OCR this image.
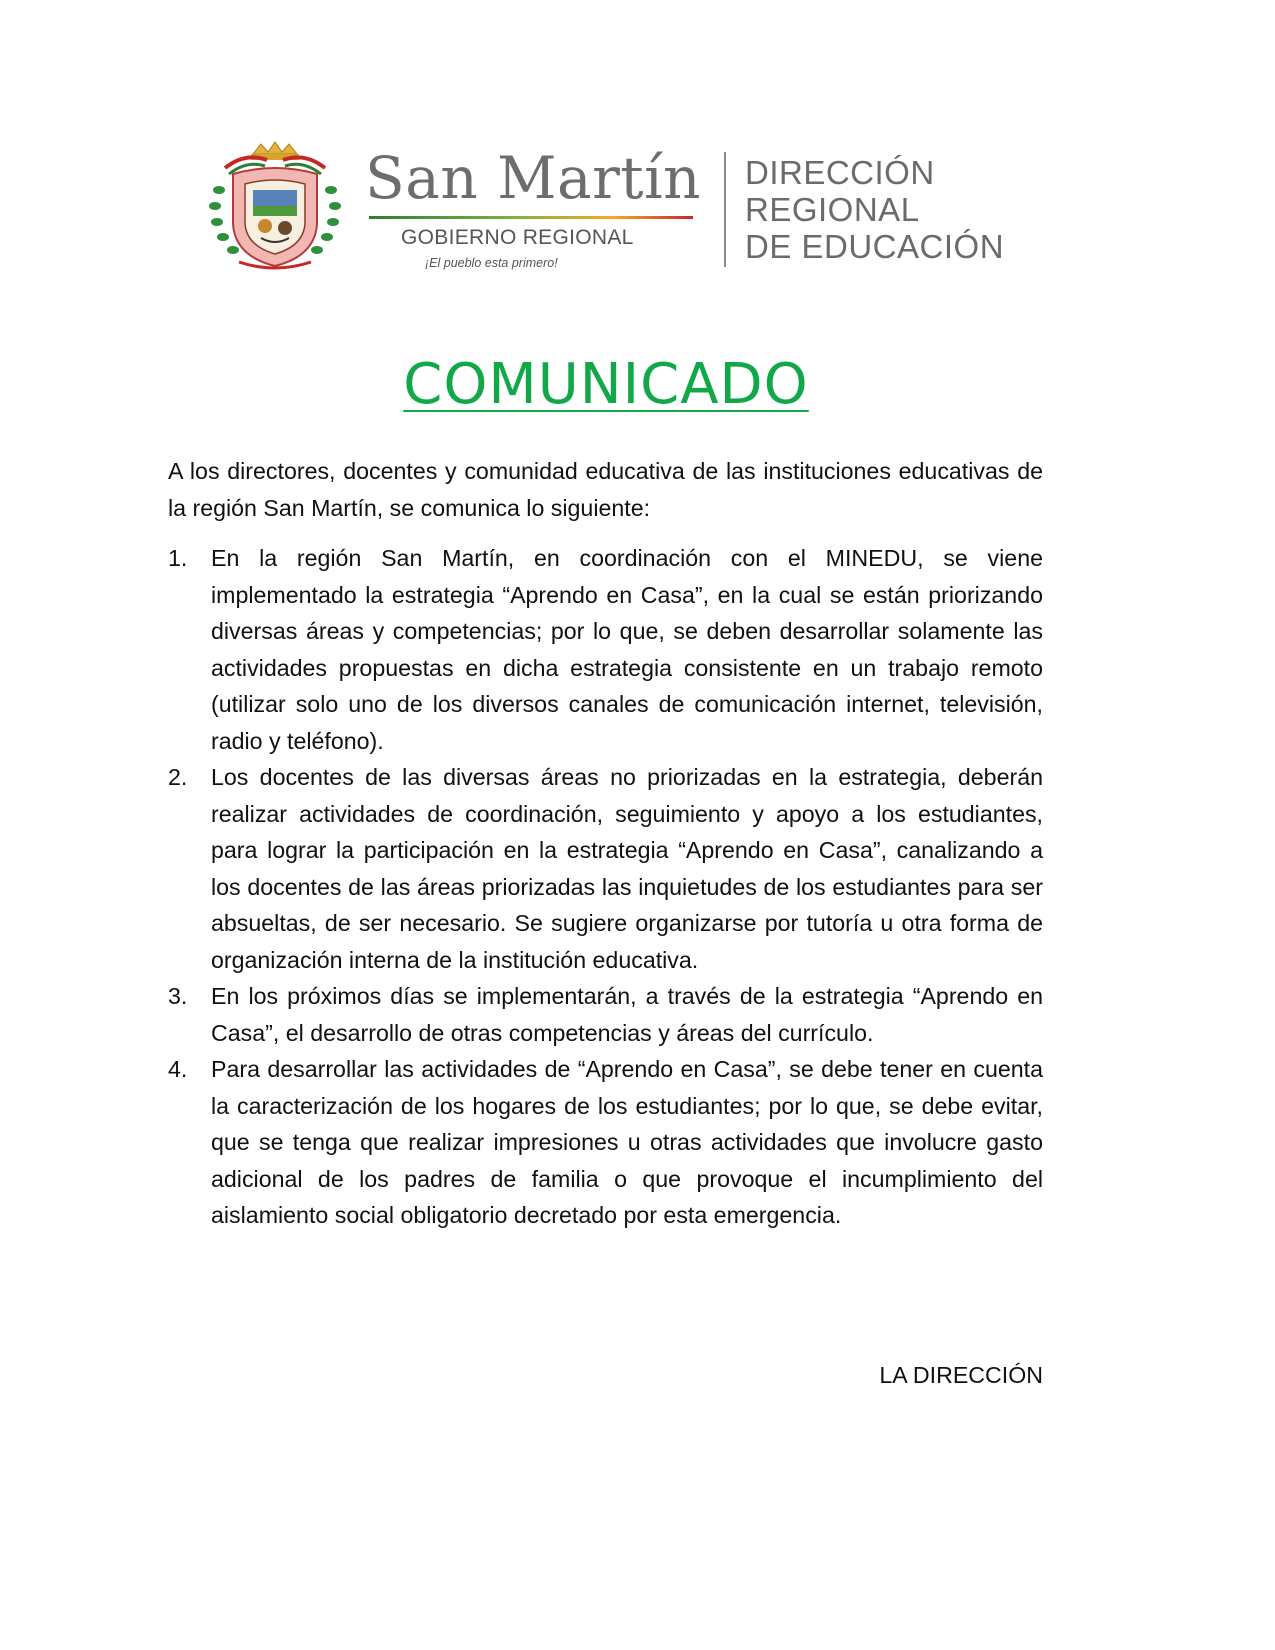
San Martín
GOBIERNO REGIONAL
¡El pueblo esta primero!
DIRECCIÓN
REGIONAL
DE EDUCACIÓN
COMUNICADO

A los directores, docentes y comunidad educativa de las instituciones educativas de la región San Martín, se comunica lo siguiente:

1. En la región San Martín, en coordinación con el MINEDU, se viene implementado la estrategia “Aprendo en Casa”, en la cual se están priorizando diversas áreas y competencias; por lo que, se deben desarrollar solamente las actividades propuestas en dicha estrategia consistente en un trabajo remoto (utilizar solo uno de los diversos canales de comunicación internet, televisión, radio y teléfono).
2. Los docentes de las diversas áreas no priorizadas en la estrategia, deberán realizar actividades de coordinación, seguimiento y apoyo a los estudiantes, para lograr la participación en la estrategia “Aprendo en Casa”, canalizando a los docentes de las áreas priorizadas las inquietudes de los estudiantes para ser absueltas, de ser necesario. Se sugiere organizarse por tutoría u otra forma de organización interna de la institución educativa.
3. En los próximos días se implementarán, a través de la estrategia “Aprendo en Casa”, el desarrollo de otras competencias y áreas del currículo.
4. Para desarrollar las actividades de “Aprendo en Casa”, se debe tener en cuenta la caracterización de los hogares de los estudiantes; por lo que, se debe evitar, que se tenga que realizar impresiones u otras actividades que involucre gasto adicional de los padres de familia o que provoque el incumplimiento del aislamiento social obligatorio decretado por esta emergencia.
LA DIRECCIÓN
